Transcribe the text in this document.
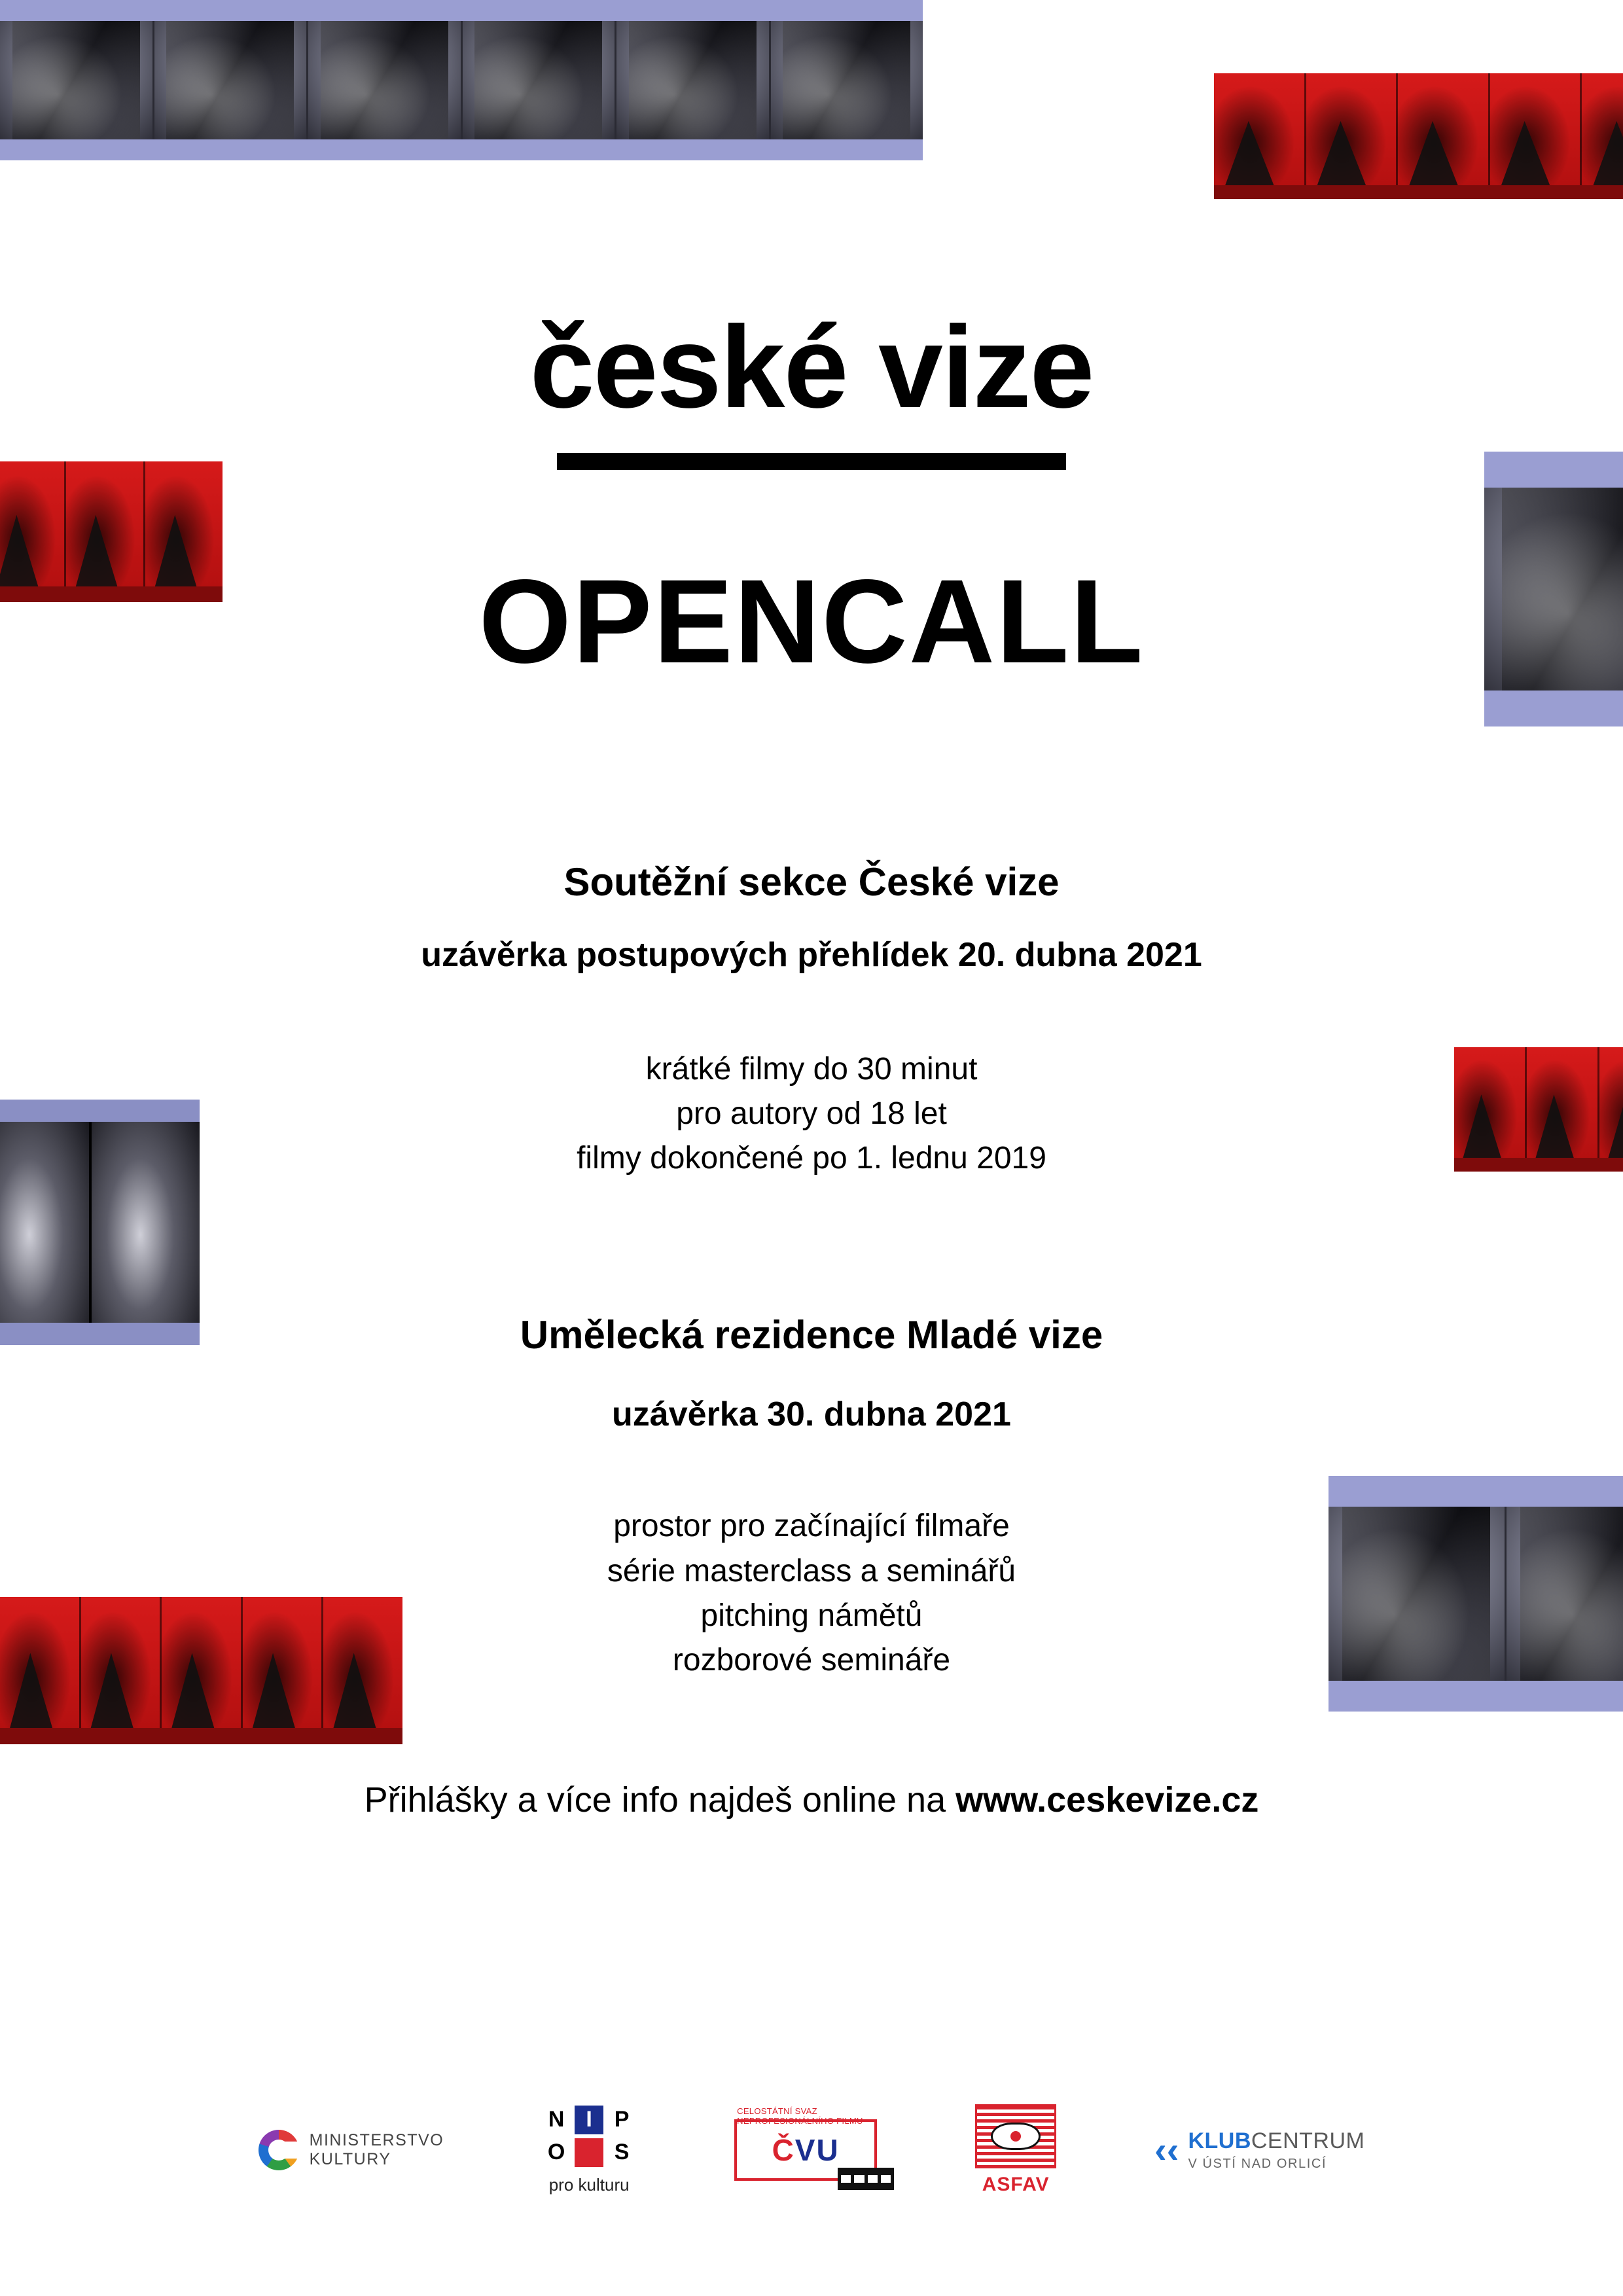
české vize
OPENCALL
Soutěžní sekce České vize
uzávěrka postupových přehlídek 20. dubna 2021
krátké filmy do 30 minut
pro autory od 18 let
filmy dokončené po 1. lednu 2019
Umělecká rezidence Mladé vize
uzávěrka 30. dubna 2021
prostor pro začínající filmaře
série masterclass a seminářů
pitching námětů
rozborové semináře
Přihlášky a více info najdeš online na www.ceskevize.cz
MINISTERSTVO
KULTURY
N I P
O	S
pro kulturu
CELOSTÁTNÍ SVAZ NEPROFESIONÁLNÍHO FILMU
ČVU
ASFAV
‹‹ KLUBCENTRUM
V ÚSTÍ NAD ORLICÍ
